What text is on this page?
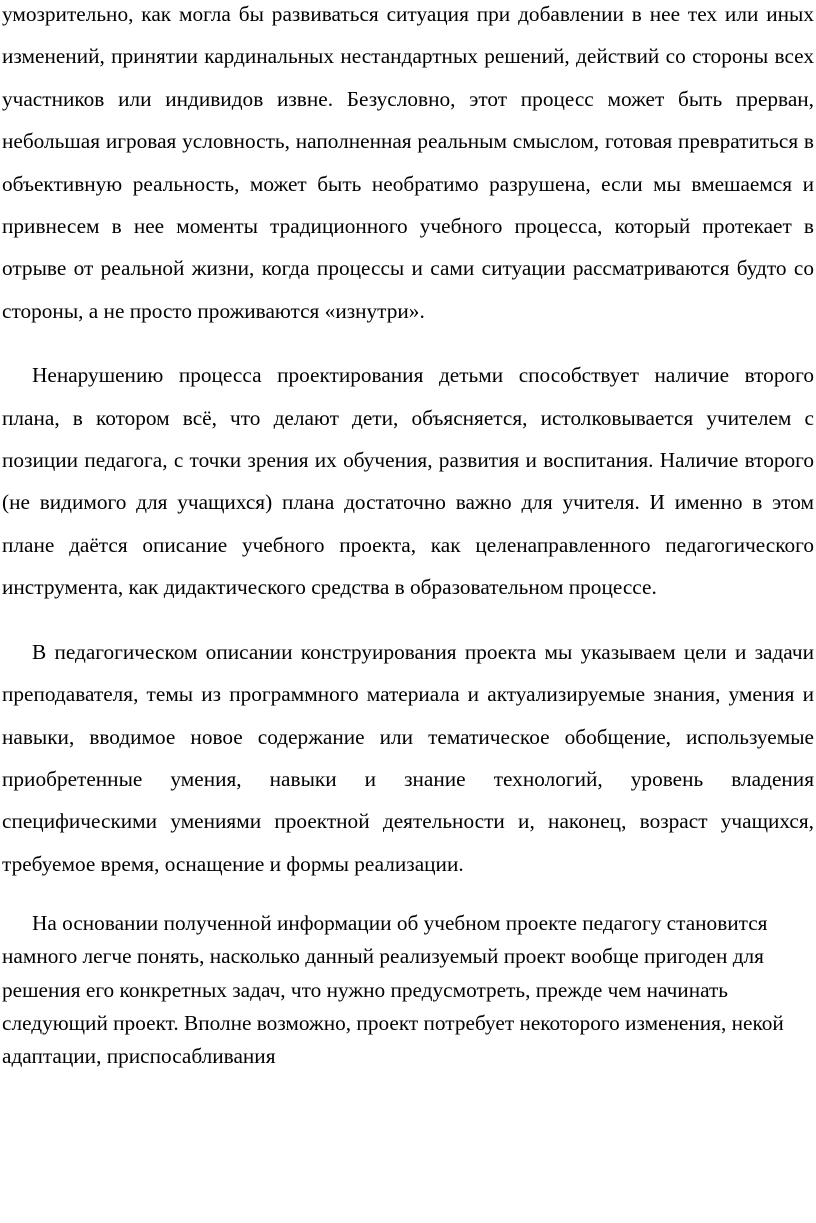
умозрительно, как могла бы развиваться ситуация при добавлении в нее тех или иных изменений, принятии кардинальных нестандартных решений, действий со стороны всех участников или индивидов извне. Безусловно, этот процесс может быть прерван, небольшая игровая условность, наполненная реальным смыслом, готовая превратиться в объективную реальность, может быть необратимо разрушена, если мы вмешаемся и привнесем в нее моменты традиционного учебного процесса, который протекает в отрыве от реальной жизни, когда процессы и сами ситуации рассматриваются будто со стороны, а не просто проживаются «изнутри».

Ненарушению процесса проектирования детьми способствует наличие второго плана, в котором всё, что делают дети, объясняется, истолковывается учителем с позиции педагога, с точки зрения их обучения, развития и воспитания. Наличие второго (не видимого для учащихся) плана достаточно важно для учителя. И именно в этом плане даётся описание учебного проекта, как целенаправленного педагогического инструмента, как дидактического средства в образовательном процессе.

В педагогическом описании конструирования проекта мы указываем цели и задачи преподавателя, темы из программного материала и актуализируемые знания, умения и навыки, вводимое новое содержание или тематическое обобщение, используемые приобретенные умения, навыки и знание технологий, уровень владения специфическими умениями проектной деятельности и, наконец, возраст учащихся, требуемое время, оснащение и формы реализации.

На основании полученной информации об учебном проекте педагогу становится намного легче понять, насколько данный реализуемый проект вообще пригоден для решения его конкретных задач, что нужно предусмотреть, прежде чем начинать следующий проект. Вполне возможно, проект потребует некоторого изменения, некой адаптации, приспосабливания
